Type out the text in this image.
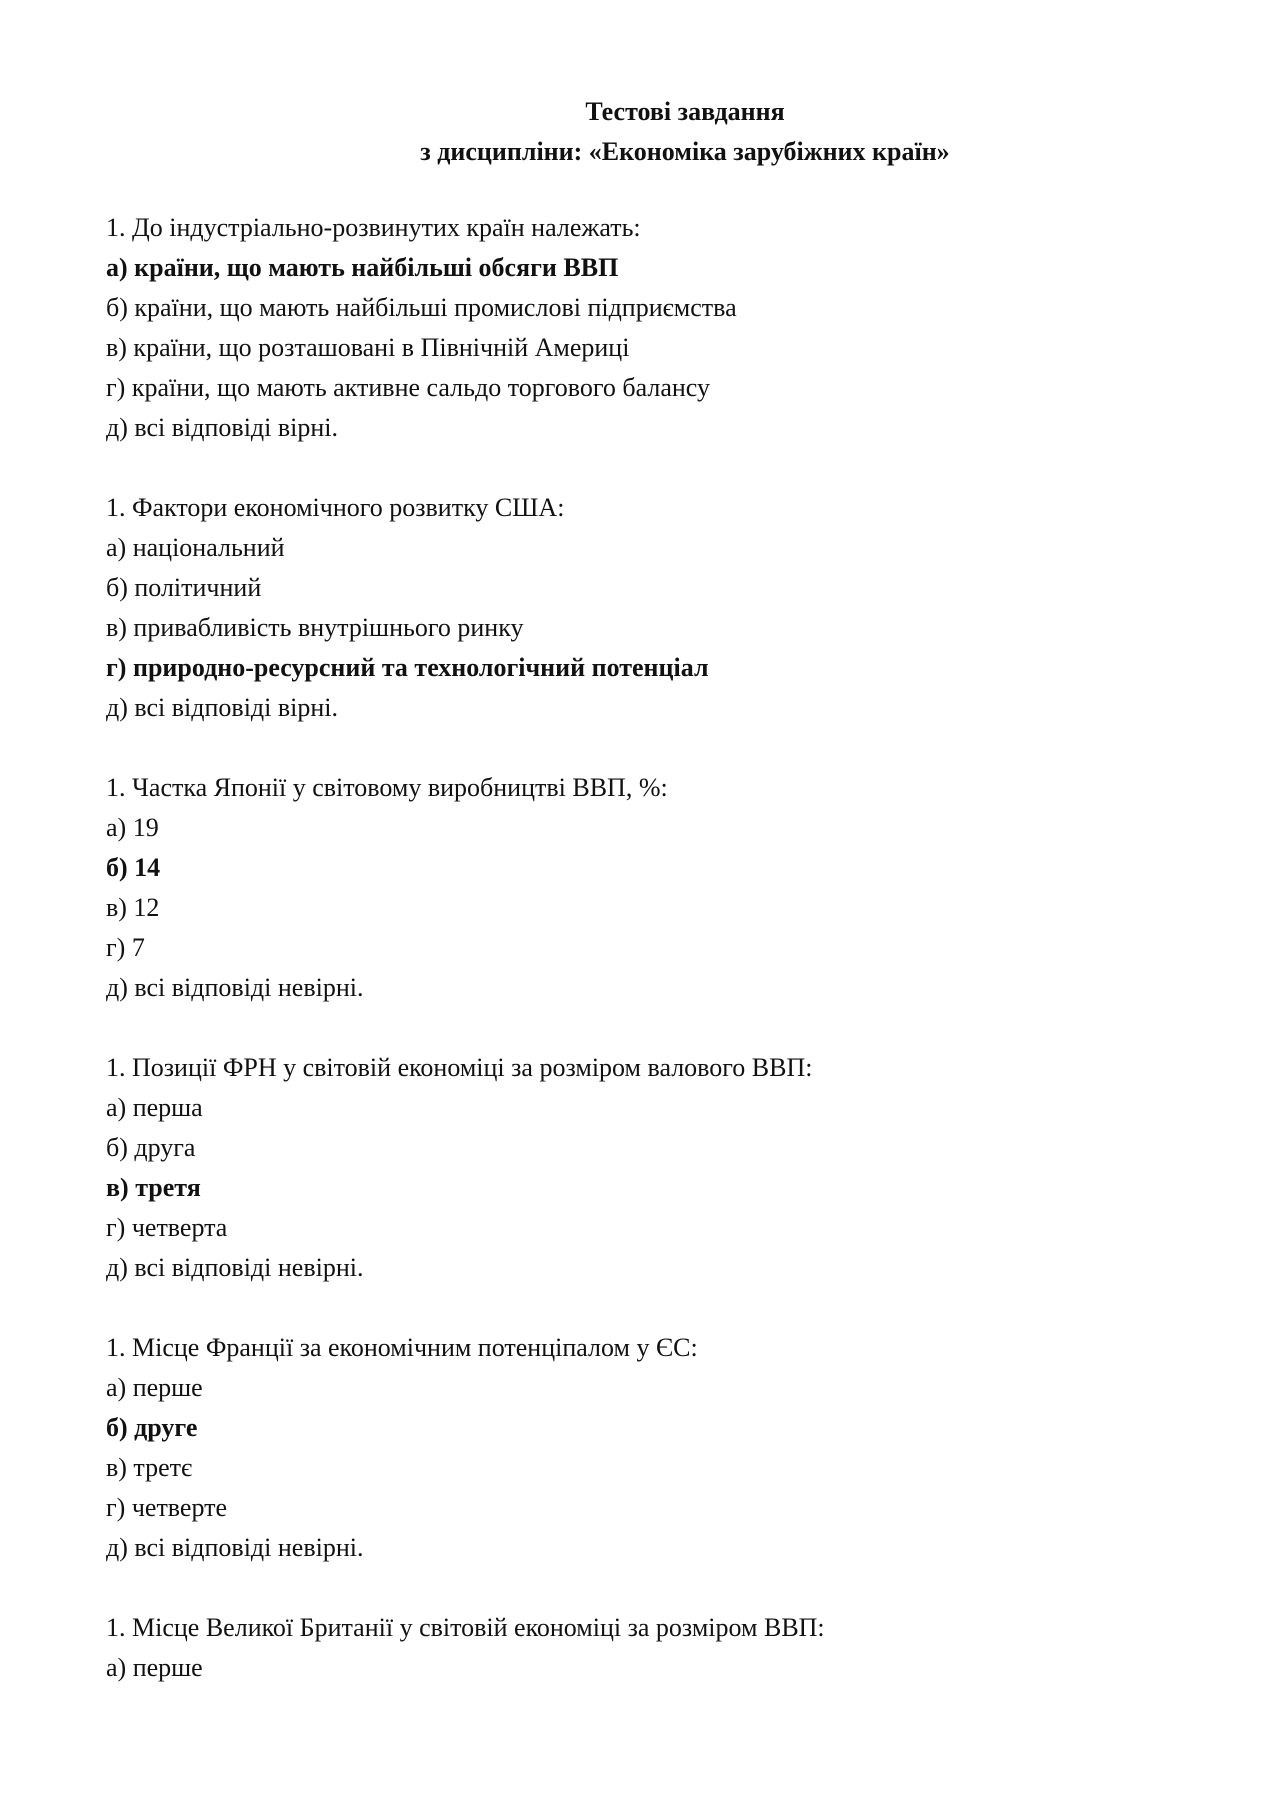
Тестові завдання
з дисципліни: «Економіка зарубіжних країн»
1. До індустріально-розвинутих країн належать:
а) країни, що мають найбільші обсяги ВВП
б) країни, що мають найбільші промислові підприємства
в) країни, що розташовані в Північній Америці
г) країни, що мають активне сальдо торгового балансу
д) всі відповіді вірні.
1. Фактори економічного розвитку США:
а) національний
б) політичний
в) привабливість внутрішнього ринку
г) природно-ресурсний та технологічний потенціал
д) всі відповіді вірні.
1. Частка Японії у світовому виробництві ВВП, %:
а) 19
б) 14
в) 12
г) 7
д) всі відповіді невірні.
1. Позиції ФРН у світовій економіці за розміром валового ВВП:
а) перша
б) друга
в) третя
г) четверта
д) всі відповіді невірні.
1. Місце Франції за економічним потенціпалом у ЄС:
а) перше
б) друге
в) третє
г) четверте
д) всі відповіді невірні.
1. Місце Великої Британії у світовій економіці за розміром ВВП:
а) перше
